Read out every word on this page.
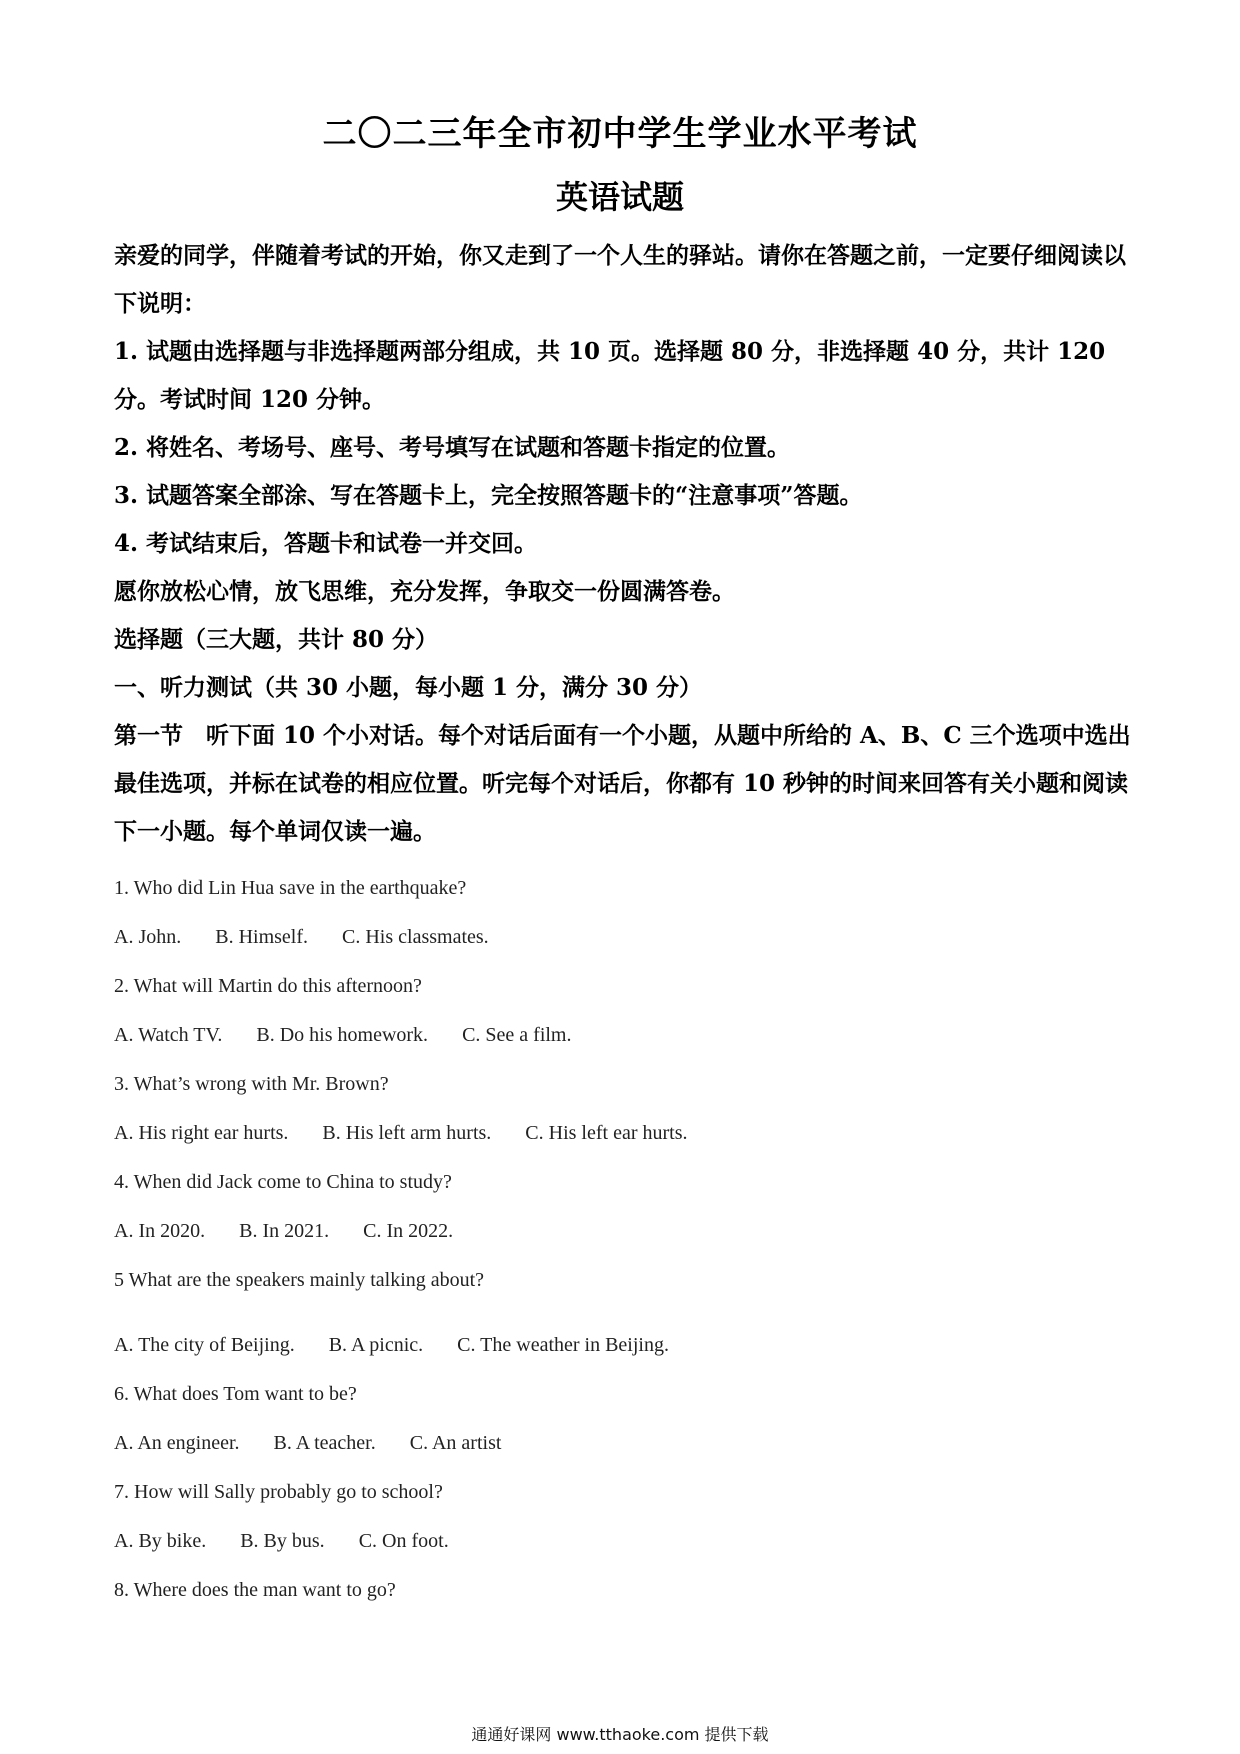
二〇二三年全市初中学生学业水平考试
英语试题
亲爱的同学，伴随着考试的开始，你又走到了一个人生的驿站。请你在答题之前，一定要仔细阅读以下说明：
1. 试题由选择题与非选择题两部分组成，共 10 页。选择题 80 分，非选择题 40 分，共计 120 分。考试时间 120 分钟。
2. 将姓名、考场号、座号、考号填写在试题和答题卡指定的位置。
3. 试题答案全部涂、写在答题卡上，完全按照答题卡的“注意事项”答题。
4. 考试结束后，答题卡和试卷一并交回。
愿你放松心情，放飞思维，充分发挥，争取交一份圆满答卷。
选择题（三大题，共计 80 分）
一、听力测试（共 30 小题，每小题 1 分，满分 30 分）
第一节　听下面 10 个小对话。每个对话后面有一个小题，从题中所给的 A、B、C 三个选项中选出最佳选项，并标在试卷的相应位置。听完每个对话后，你都有 10 秒钟的时间来回答有关小题和阅读下一小题。每个单词仅读一遍。
1. Who did Lin Hua save in the earthquake?
A. John. B. Himself. C. His classmates.
2. What will Martin do this afternoon?
A. Watch TV. B. Do his homework. C. See a film.
3. What’s wrong with Mr. Brown?
A. His right ear hurts. B. His left arm hurts. C. His left ear hurts.
4. When did Jack come to China to study?
A. In 2020. B. In 2021. C. In 2022.
5 What are the speakers mainly talking about?
A. The city of Beijing. B. A picnic. C. The weather in Beijing.
6. What does Tom want to be?
A. An engineer. B. A teacher. C. An artist
7. How will Sally probably go to school?
A. By bike. B. By bus. C. On foot.
8. Where does the man want to go?
通通好课网 www.tthaoke.com 提供下载
